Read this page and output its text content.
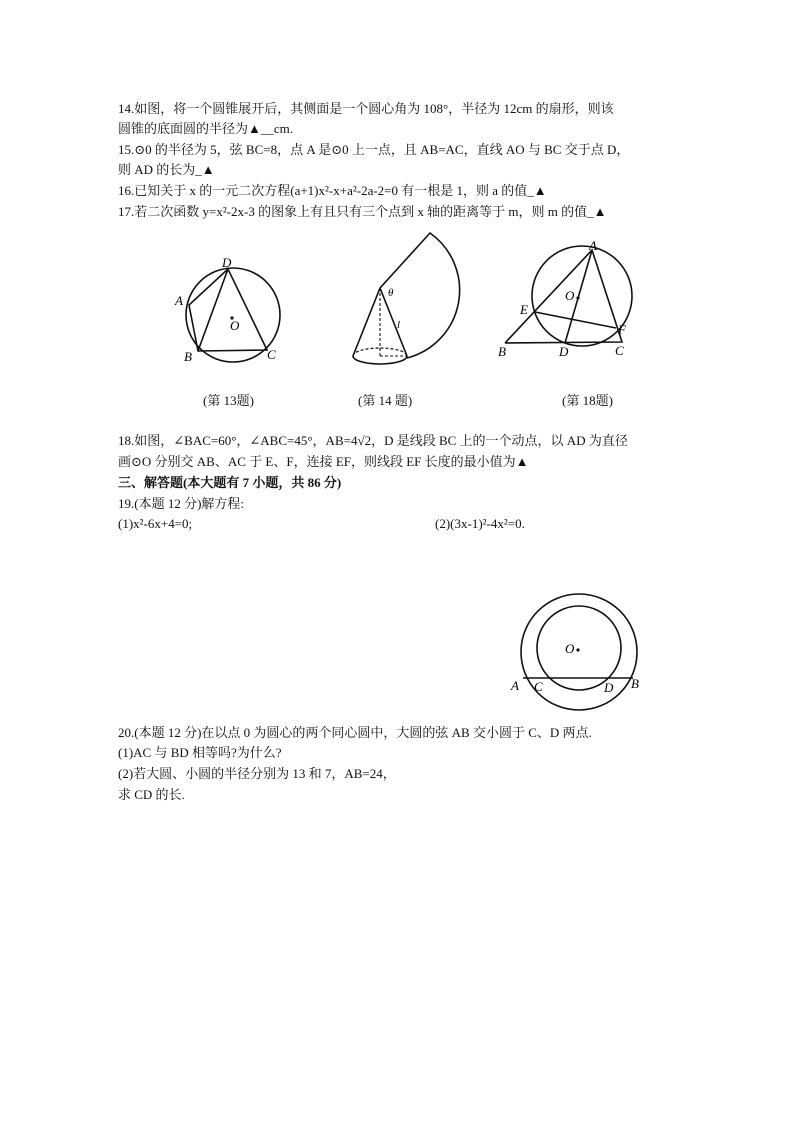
14.如图，将一个圆锥展开后，其侧面是一个圆心角为 108°，半径为 12cm 的扇形，则该
圆锥的底面圆的半径为▲__cm.
15.⊙0 的半径为 5，弦 BC=8，点 A 是⊙0 上一点，且 AB=AC，直线 AO 与 BC 交于点 D，
则 AD 的长为_▲
16.已知关于 x 的一元二次方程(a+1)x²-x+a²-2a-2=0 有一根是 1，则 a 的值_▲
17.若二次函数 y=x²-2x-3 的图象上有且只有三个点到 x 轴的距离等于 m，则 m 的值_▲
D
A
O
B	C
θ
l
A
O
E
F
B	D	C
(第 13题)	(第 14 题)	(第 18题)
18.如图，∠BAC=60°，∠ABC=45°，AB=4√2，D 是线段 BC 上的一个动点，以 AD 为直径
画⊙O 分别交 AB、AC 于 E、F，连接 EF，则线段 EF 长度的最小值为▲
三、解答题(本大题有 7 小题，共 86 分)
19.(本题 12 分)解方程:
(1)x²-6x+4=0;	(2)(3x-1)²-4x²=0.
O
A C	D B
20.(本题 12 分)在以点 0 为圆心的两个同心圆中，大圆的弦 AB 交小圆于 C、D 两点.
(1)AC 与 BD 相等吗?为什么?
(2)若大圆、小圆的半径分别为 13 和 7，AB=24，
求 CD 的长.
